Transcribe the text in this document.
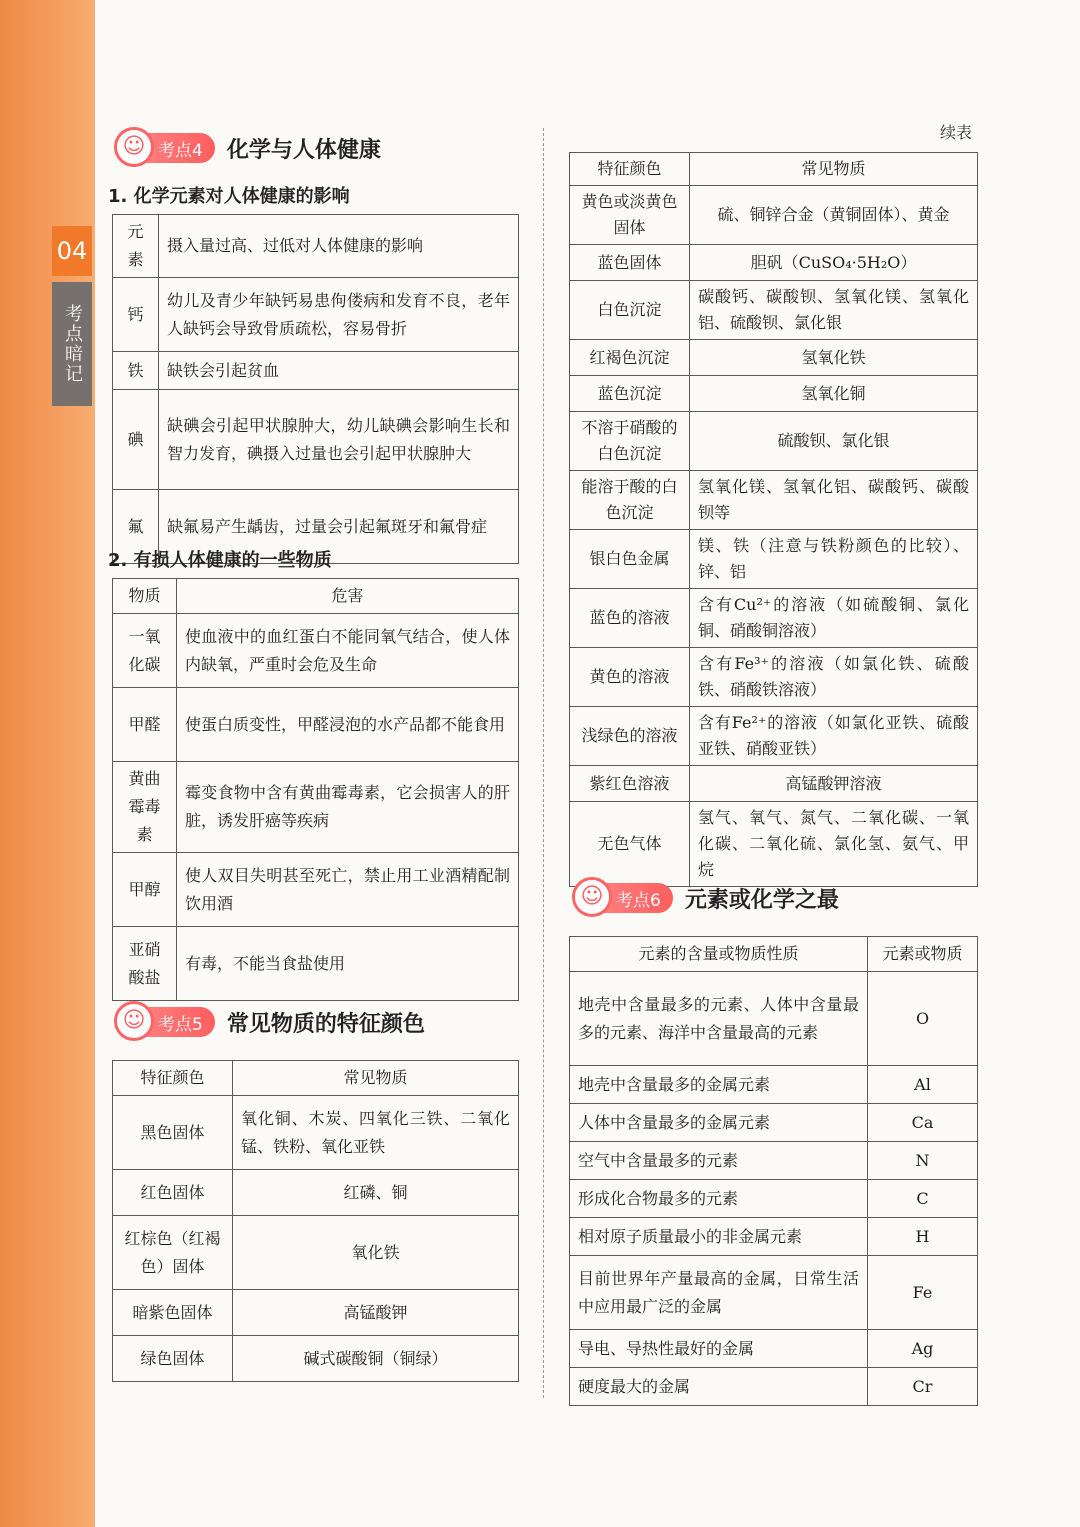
04
考点暗记
续表
☺ 考点4 化学与人体健康
1. 化学元素对人体健康的影响
元素	摄入量过高、过低对人体健康的影响
钙	幼儿及青少年缺钙易患佝偻病和发育不良，老年人缺钙会导致骨质疏松，容易骨折
铁	缺铁会引起贫血
碘	缺碘会引起甲状腺肿大，幼儿缺碘会影响生长和智力发育，碘摄入过量也会引起甲状腺肿大
氟	缺氟易产生龋齿，过量会引起氟斑牙和氟骨症
2. 有损人体健康的一些物质
物质	危害
一氧化碳	使血液中的血红蛋白不能同氧气结合，使人体内缺氧，严重时会危及生命
甲醛	使蛋白质变性，甲醛浸泡的水产品都不能食用
黄曲霉毒素	霉变食物中含有黄曲霉毒素，它会损害人的肝脏，诱发肝癌等疾病
甲醇	使人双目失明甚至死亡，禁止用工业酒精配制饮用酒
亚硝酸盐	有毒，不能当食盐使用
☺ 考点5 常见物质的特征颜色
特征颜色	常见物质
黑色固体	氧化铜、木炭、四氧化三铁、二氧化锰、铁粉、氧化亚铁
红色固体	红磷、铜
红棕色（红褐色）固体	氧化铁
暗紫色固体	高锰酸钾
绿色固体	碱式碳酸铜（铜绿）
特征颜色	常见物质
黄色或淡黄色固体	硫、铜锌合金（黄铜固体）、黄金
蓝色固体	胆矾（CuSO₄·5H₂O）
白色沉淀	碳酸钙、碳酸钡、氢氧化镁、氢氧化铝、硫酸钡、氯化银
红褐色沉淀	氢氧化铁
蓝色沉淀	氢氧化铜
不溶于硝酸的白色沉淀	硫酸钡、氯化银
能溶于酸的白色沉淀	氢氧化镁、氢氧化铝、碳酸钙、碳酸钡等
银白色金属	镁、铁（注意与铁粉颜色的比较）、锌、铝
蓝色的溶液	含有Cu²⁺的溶液（如硫酸铜、氯化铜、硝酸铜溶液）
黄色的溶液	含有Fe³⁺的溶液（如氯化铁、硫酸铁、硝酸铁溶液）
浅绿色的溶液	含有Fe²⁺的溶液（如氯化亚铁、硫酸亚铁、硝酸亚铁）
紫红色溶液	高锰酸钾溶液
无色气体	氢气、氧气、氮气、二氧化碳、一氧化碳、二氧化硫、氯化氢、氨气、甲烷
☺ 考点6 元素或化学之最
元素的含量或物质性质	元素或物质
地壳中含量最多的元素、人体中含量最多的元素、海洋中含量最高的元素	O
地壳中含量最多的金属元素	Al
人体中含量最多的金属元素	Ca
空气中含量最多的元素	N
形成化合物最多的元素	C
相对原子质量最小的非金属元素	H
目前世界年产量最高的金属，日常生活中应用最广泛的金属	Fe
导电、导热性最好的金属	Ag
硬度最大的金属	Cr
